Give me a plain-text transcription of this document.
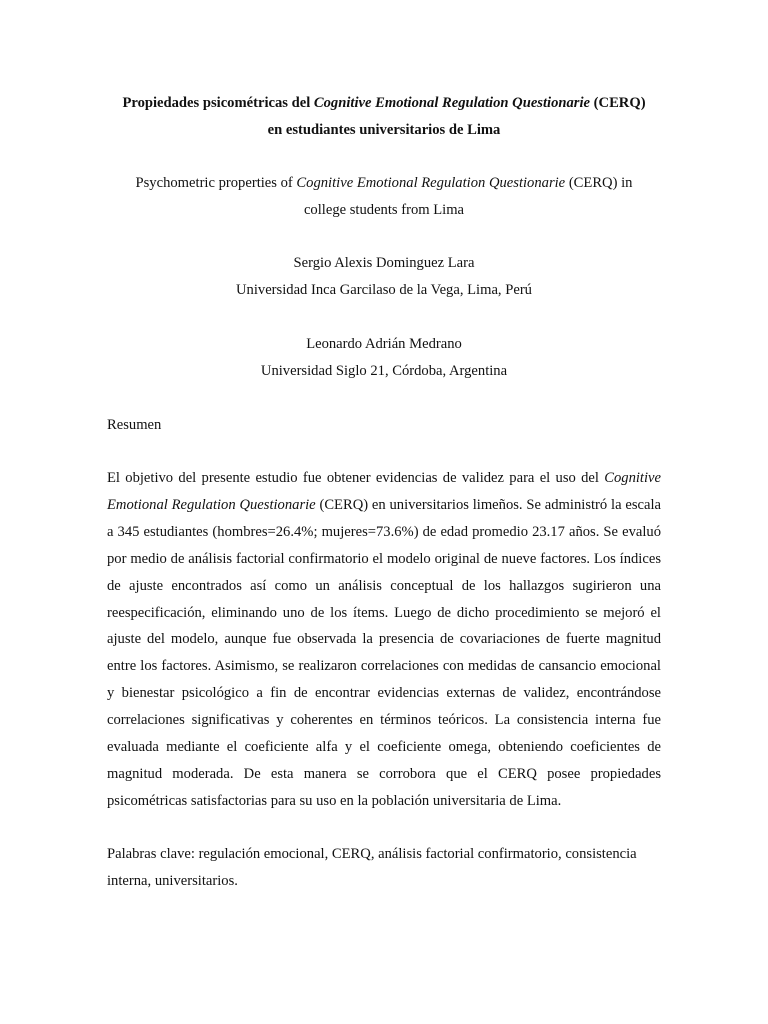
Propiedades psicométricas del Cognitive Emotional Regulation Questionarie (CERQ)
en estudiantes universitarios de Lima
Psychometric properties of Cognitive Emotional Regulation Questionarie (CERQ) in
college students from Lima
Sergio Alexis Dominguez Lara
Universidad Inca Garcilaso de la Vega, Lima, Perú
Leonardo Adrián Medrano
Universidad Siglo 21, Córdoba, Argentina

Resumen

El objetivo del presente estudio fue obtener evidencias de validez para el uso del Cognitive Emotional Regulation Questionarie (CERQ) en universitarios limeños. Se administró la escala a 345 estudiantes (hombres=26.4%; mujeres=73.6%) de edad promedio 23.17 años. Se evaluó por medio de análisis factorial confirmatorio el modelo original de nueve factores. Los índices de ajuste encontrados así como un análisis conceptual de los hallazgos sugirieron una reespecificación, eliminando uno de los ítems. Luego de dicho procedimiento se mejoró el ajuste del modelo, aunque fue observada la presencia de covariaciones de fuerte magnitud entre los factores. Asimismo, se realizaron correlaciones con medidas de cansancio emocional y bienestar psicológico a fin de encontrar evidencias externas de validez, encontrándose correlaciones significativas y coherentes en términos teóricos. La consistencia interna fue evaluada mediante el coeficiente alfa y el coeficiente omega, obteniendo coeficientes de magnitud moderada. De esta manera se corrobora que el CERQ posee propiedades psicométricas satisfactorias para su uso en la población universitaria de Lima.

Palabras clave: regulación emocional, CERQ, análisis factorial confirmatorio, consistencia interna, universitarios.
